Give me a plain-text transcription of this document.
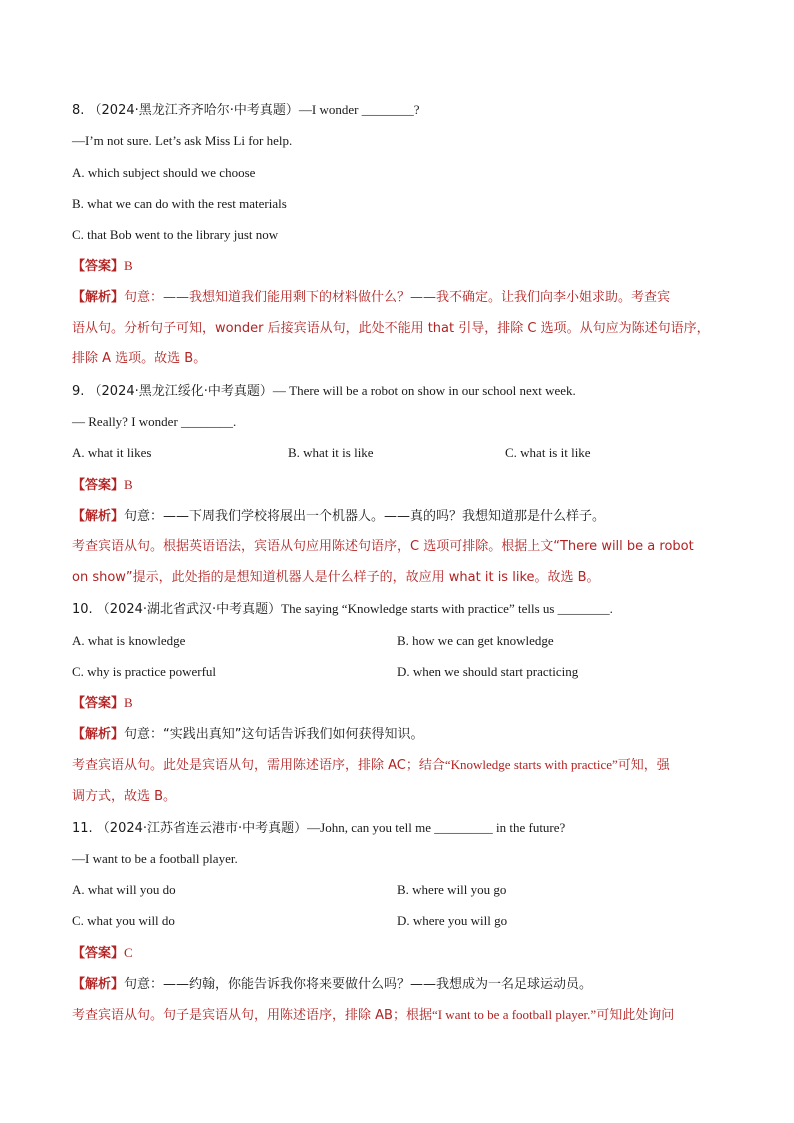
8. （2024·黑龙江齐齐哈尔·中考真题）—I wonder ________?
—I’m not sure. Let’s ask Miss Li for help.
A. which subject should we choose
B. what we can do with the rest materials
C. that Bob went to the library just now
【答案】B
【解析】句意：——我想知道我们能用剩下的材料做什么？——我不确定。让我们向李小姐求助。考查宾
语从句。分析句子可知，wonder 后接宾语从句，此处不能用 that 引导，排除 C 选项。从句应为陈述句语序，
排除 A 选项。故选 B。
9. （2024·黑龙江绥化·中考真题）— There will be a robot on show in our school next week.
— Really? I wonder ________.
A. what it likes	B. what it is like	C. what is it like
【答案】B
【解析】句意：——下周我们学校将展出一个机器人。——真的吗？我想知道那是什么样子。
考查宾语从句。根据英语语法，宾语从句应用陈述句语序，C 选项可排除。根据上文“There will be a robot
on show”提示，此处指的是想知道机器人是什么样子的，故应用 what it is like。故选 B。
10. （2024·湖北省武汉·中考真题）The saying “Knowledge starts with practice” tells us ________.
A. what is knowledge	B. how we can get knowledge
C. why is practice powerful	D. when we should start practicing
【答案】B
【解析】句意：“实践出真知”这句话告诉我们如何获得知识。
考查宾语从句。此处是宾语从句，需用陈述语序，排除 AC；结合“Knowledge starts with practice”可知，强
调方式，故选 B。
11. （2024·江苏省连云港市·中考真题）—John, can you tell me _________ in the future?
—I want to be a football player.
A. what will you do	B. where will you go
C. what you will do	D. where you will go
【答案】C
【解析】句意：——约翰，你能告诉我你将来要做什么吗？——我想成为一名足球运动员。
考查宾语从句。句子是宾语从句，用陈述语序，排除 AB；根据“I want to be a football player.”可知此处询问
